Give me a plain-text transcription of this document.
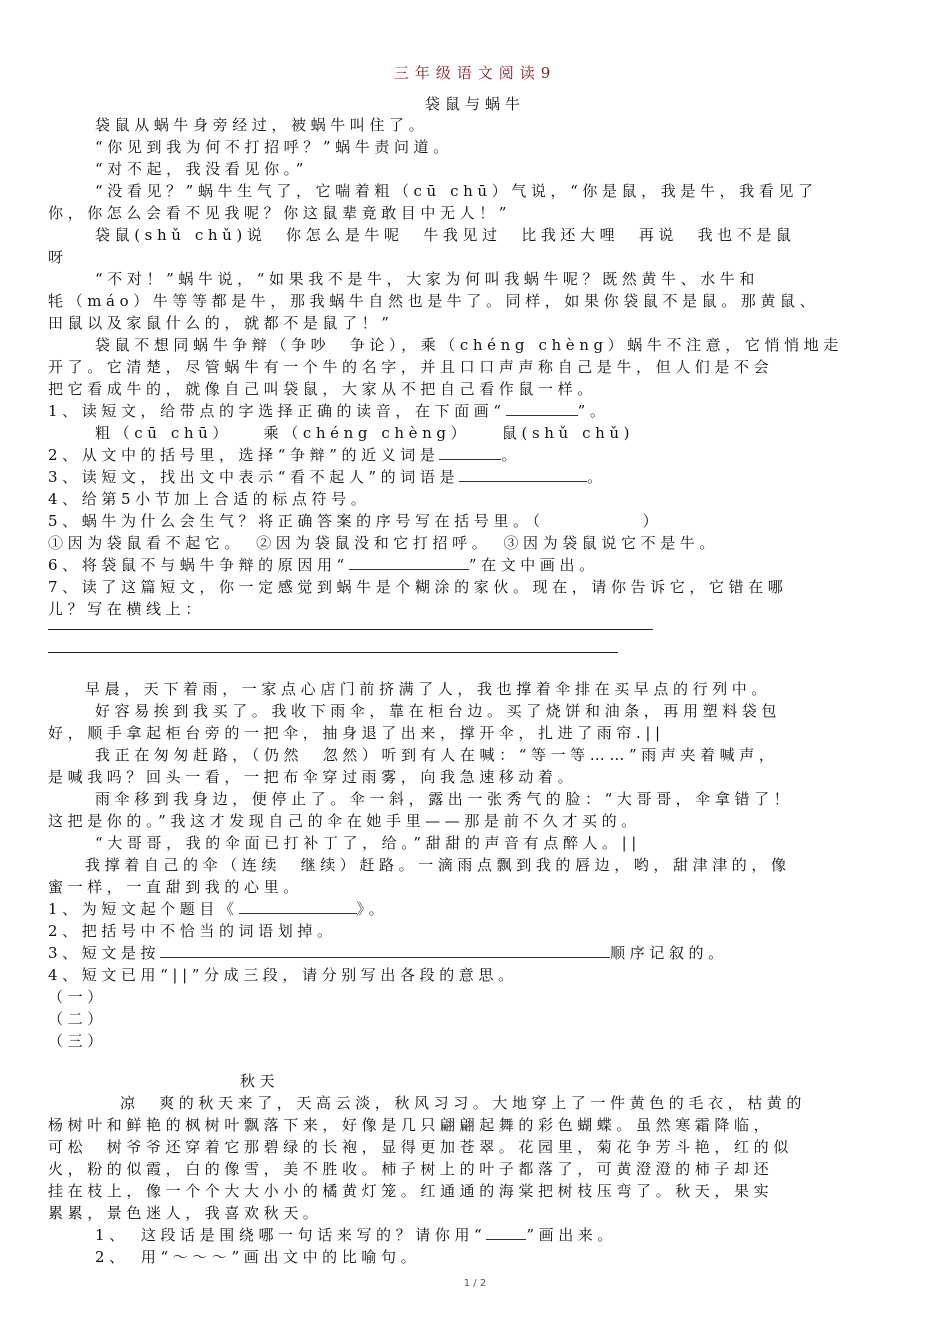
三年级语文阅读9
袋鼠与蜗牛
袋鼠从蜗牛身旁经过，被蜗牛叫住了。
“你见到我为何不打招呼？”蜗牛责问道。
“对不起，我没看见你。”
“没看见？”蜗牛生气了，它喘着粗（cū chū）气说，“你是鼠，我是牛，我看见了
你，你怎么会看不见我呢？你这鼠辈竟敢目中无人！”
袋鼠(shǔ chǔ)说　你怎么是牛呢　牛我见过　比我还大哩　再说　我也不是鼠
呀
“不对！”蜗牛说，“如果我不是牛，大家为何叫我蜗牛呢？既然黄牛、水牛和
牦（máo）牛等等都是牛，那我蜗牛自然也是牛了。同样，如果你袋鼠不是鼠。那黄鼠、
田鼠以及家鼠什么的，就都不是鼠了！”
袋鼠不想同蜗牛争辩（争吵　争论），乘（chéng chèng）蜗牛不注意，它悄悄地走
开了。它清楚，尽管蜗牛有一个牛的名字，并且口口声声称自己是牛，但人们是不会
把它看成牛的，就像自己叫袋鼠，大家从不把自己看作鼠一样。
1、读短文，给带点的字选择正确的读音，在下面画“	”。
粗（cū chū）　　乘（chéng chèng）　　鼠(shǔ chǔ)
2、从文中的括号里，选择“争辩”的近义词是	。
3、读短文，找出文中表示“看不起人”的词语是	。
4、给第5小节加上合适的标点符号。
5、蜗牛为什么会生气？将正确答案的序号写在括号里。（　　　　　）
①因为袋鼠看不起它。　②因为袋鼠没和它打招呼。　③因为袋鼠说它不是牛。
6、将袋鼠不与蜗牛争辩的原因用“	”在文中画出。
7、读了这篇短文，你一定感觉到蜗牛是个糊涂的家伙。现在，请你告诉它，它错在哪
儿？写在横线上：
早晨，天下着雨，一家点心店门前挤满了人，我也撑着伞排在买早点的行列中。
好容易挨到我买了。我收下雨伞，靠在柜台边。买了烧饼和油条，再用塑料袋包
好，顺手拿起柜台旁的一把伞，抽身退了出来，撑开伞，扎进了雨帘.||
我正在匆匆赶路，（仍然　忽然）听到有人在喊：“等一等……”雨声夹着喊声，
是喊我吗？回头一看，一把布伞穿过雨雾，向我急速移动着。
雨伞移到我身边，便停止了。伞一斜，露出一张秀气的脸：“大哥哥，伞拿错了！
这把是你的。”我这才发现自己的伞在她手里——那是前不久才买的。
“大哥哥，我的伞面已打补丁了，给。”甜甜的声音有点醉人。||
我撑着自己的伞（连续　继续）赶路。一滴雨点飘到我的唇边，哟，甜津津的，像
蜜一样，一直甜到我的心里。
1、为短文起个题目《	》。
2、把括号中不恰当的词语划掉。
3、短文是按	顺序记叙的。
4、短文已用“||”分成三段，请分别写出各段的意思。
（一）
（二）
（三）
秋天
凉　爽的秋天来了，天高云淡，秋风习习。大地穿上了一件黄色的毛衣，枯黄的
杨树叶和鲜艳的枫树叶飘落下来，好像是几只翩翩起舞的彩色蝴蝶。虽然寒霜降临，
可松　树爷爷还穿着它那碧绿的长袍，显得更加苍翠。花园里，菊花争芳斗艳，红的似
火，粉的似霞，白的像雪，美不胜收。柿子树上的叶子都落了，可黄澄澄的柿子却还
挂在枝上，像一个个大大小小的橘黄灯笼。红通通的海棠把树枝压弯了。秋天，果实
累累，景色迷人，我喜欢秋天。
1、　这段话是围绕哪一句话来写的？请你用“	”画出来。
2、　用“～～～”画出文中的比喻句。
1 / 2
